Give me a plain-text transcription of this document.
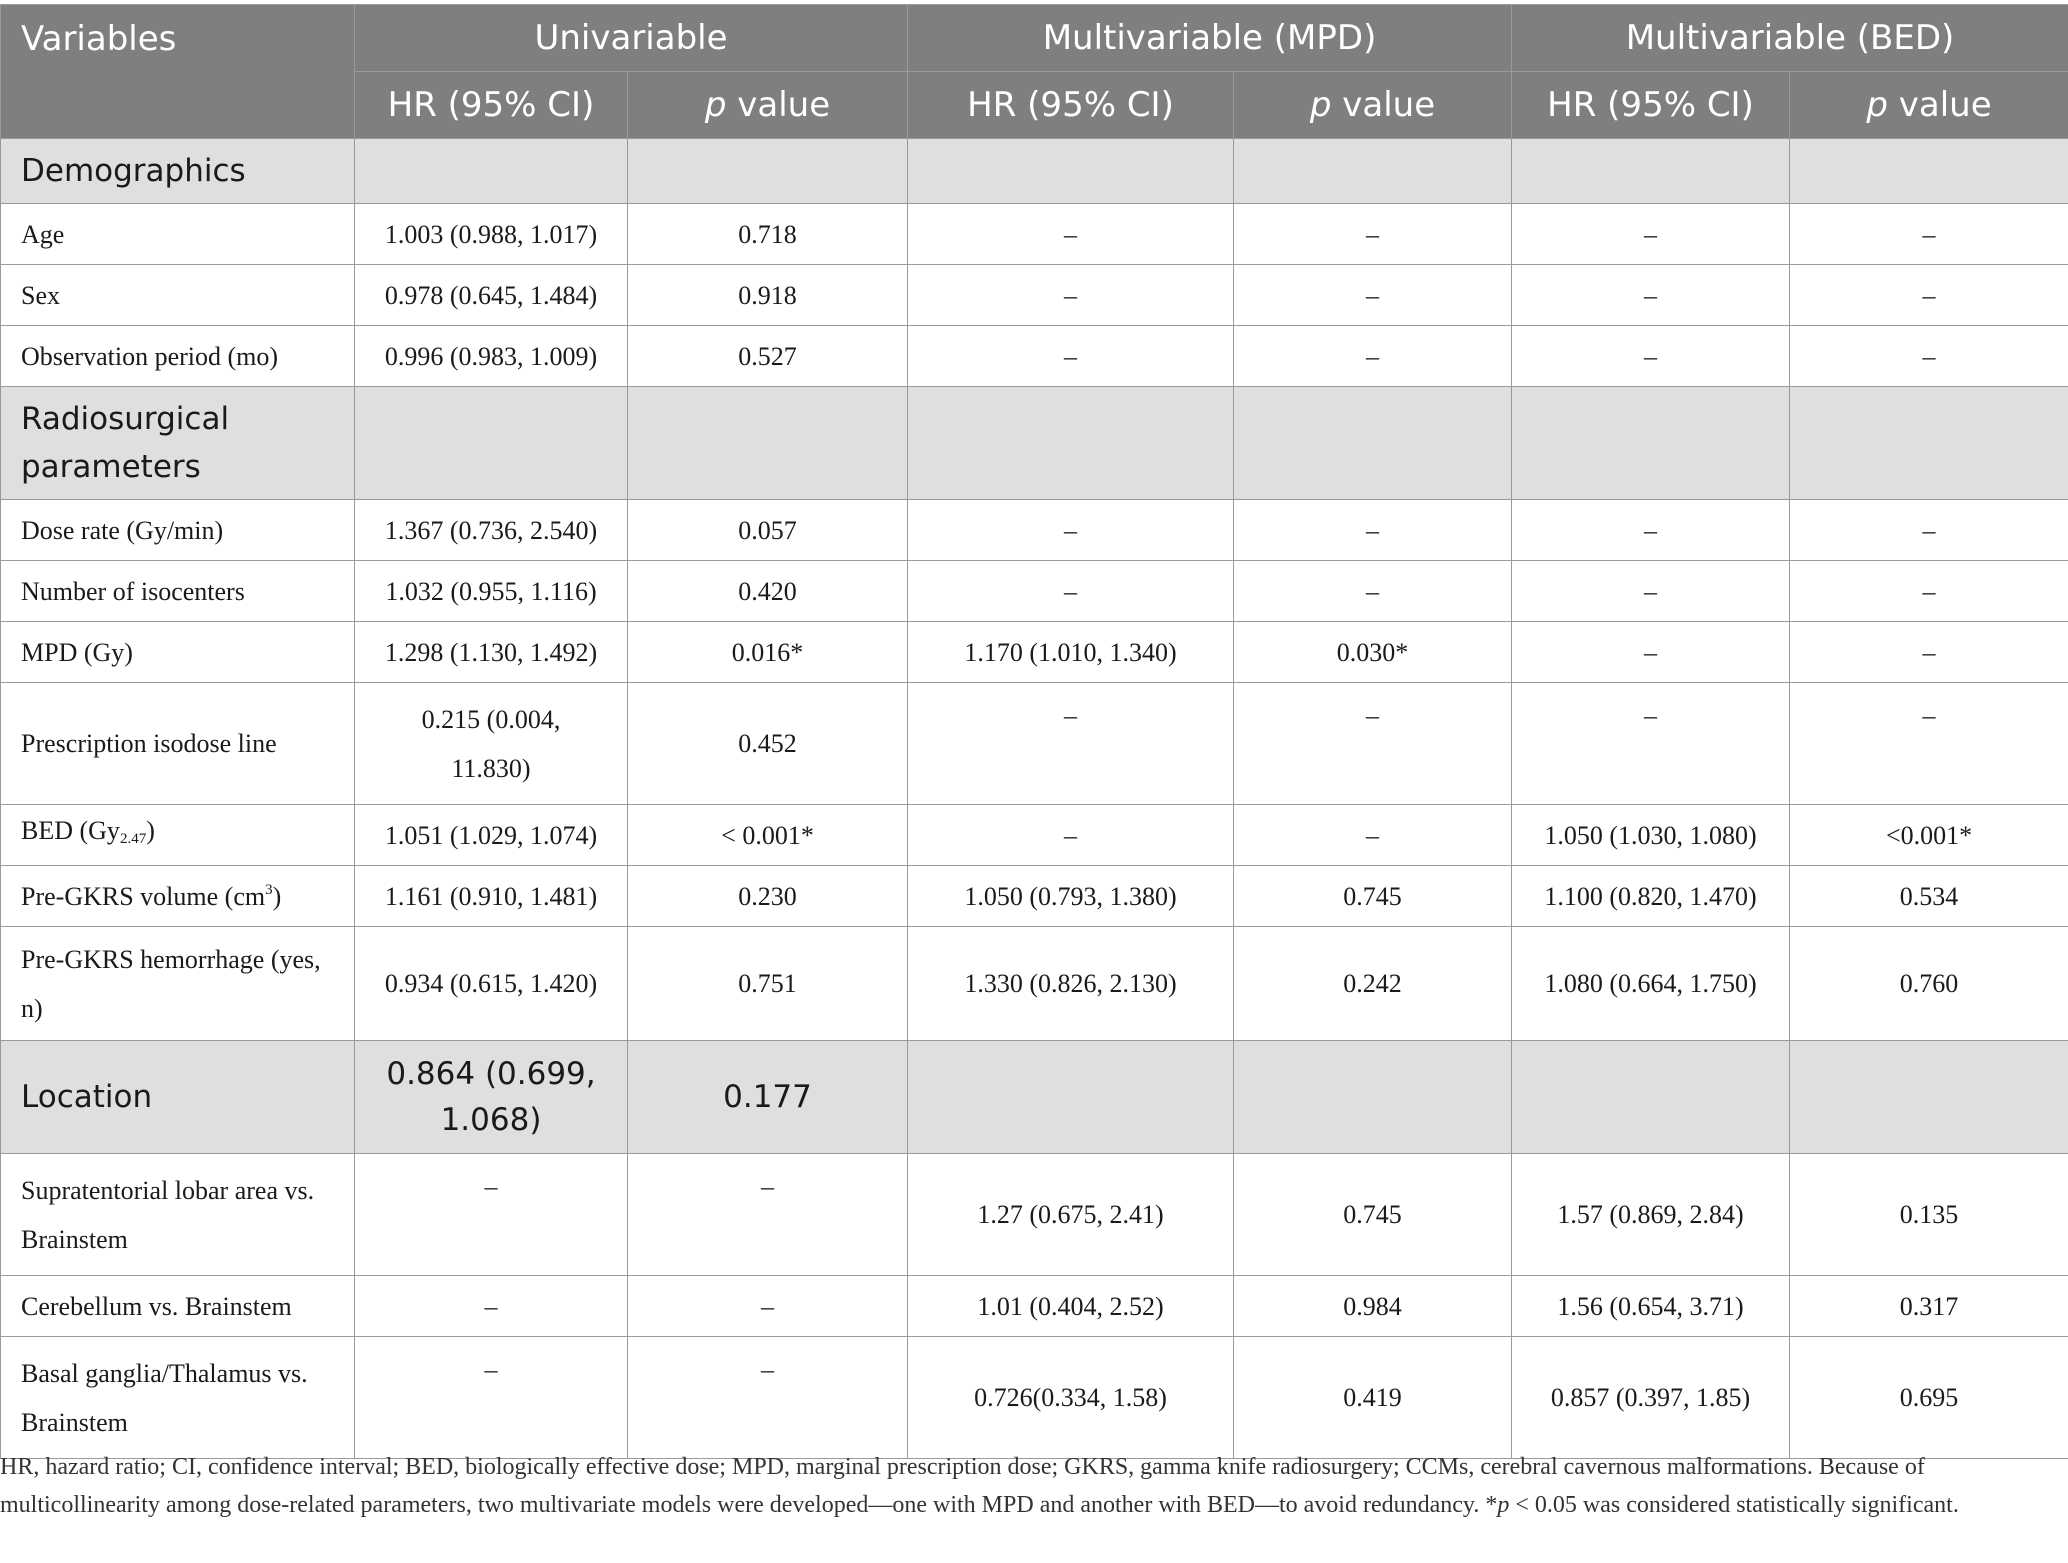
Variables	Univariable		Multivariable (MPD)		Multivariable (BED)	
	HR (95% CI)	p value	HR (95% CI)	p value	HR (95% CI)	p value
Demographics						
Age	1.003 (0.988, 1.017)	0.718	–	–	–	–
Sex	0.978 (0.645, 1.484)	0.918	–	–	–	–
Observation period (mo)	0.996 (0.983, 1.009)	0.527	–	–	–	–
Radiosurgical parameters						
Dose rate (Gy/min)	1.367 (0.736, 2.540)	0.057	–	–	–	–
Number of isocenters	1.032 (0.955, 1.116)	0.420	–	–	–	–
MPD (Gy)	1.298 (1.130, 1.492)	0.016*	1.170 (1.010, 1.340)	0.030*	–	–
Prescription isodose line	0.215 (0.004, 11.830)	0.452	–	–	–	–
BED $(Gy_{2.47})$	1.051 (1.029, 1.074)	< 0.001*	–	–	1.050 (1.030, 1.080)	<0.001*
Pre-GKRS volume $(cm^3)$	1.161 (0.910, 1.481)	0.230	1.050 (0.793, 1.380)	0.745	1.100 (0.820, 1.470)	0.534
Pre-GKRS hemorrhage (yes, n)	0.934 (0.615, 1.420)	0.751	1.330 (0.826, 2.130)	0.242	1.080 (0.664, 1.750)	0.760
Location	0.864 (0.699, 1.068)	0.177				
Supratentorial lobar area vs. Brainstem	–	–	1.27 (0.675, 2.41)	0.745	1.57 (0.869, 2.84)	0.135
Cerebellum vs. Brainstem	–	–	1.01 (0.404, 2.52)	0.984	1.56 (0.654, 3.71)	0.317
Basal ganglia/Thalamus vs. Brainstem	–	–	0.726(0.334, 1.58)	0.419	0.857 (0.397, 1.85)	0.695

HR, hazard ratio; CI, confidence interval; BED, biologically effective dose; MPD, marginal prescription dose; GKRS, gamma knife radiosurgery; CCMs, cerebral cavernous malformations. Because of multicollinearity among dose-related parameters, two multivariate models were developed—one with MPD and another with BED—to avoid redundancy. *p < 0.05 was considered statistically significant.
